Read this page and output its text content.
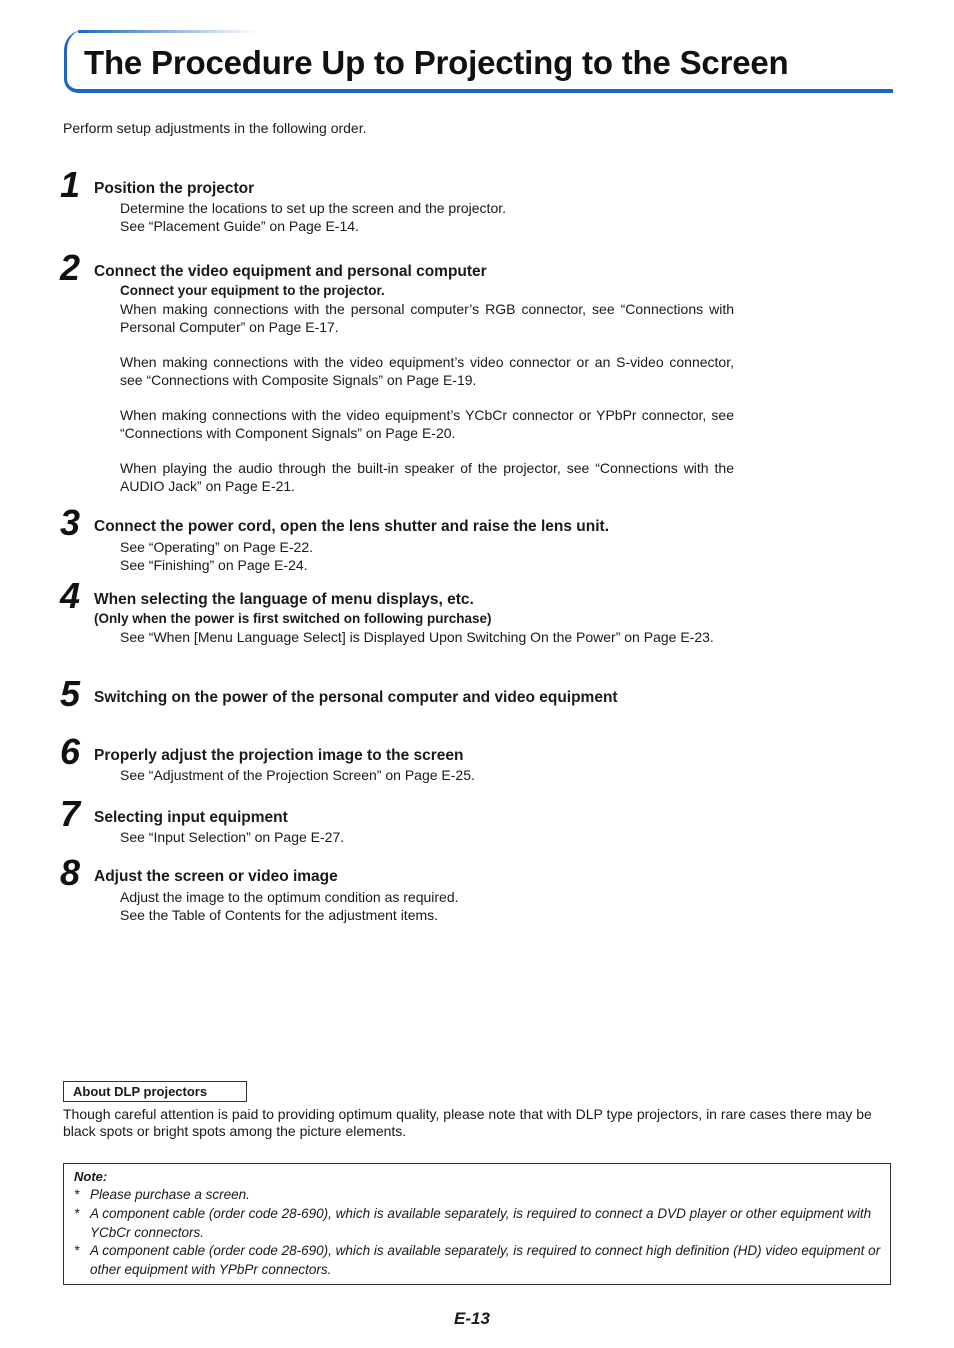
The Procedure Up to Projecting to the Screen

Perform setup adjustments in the following order.

1 Position the projector

Determine the locations to set up the screen and the projector.

See “Placement Guide” on Page E-14.

2 Connect the video equipment and personal computer

Connect your equipment to the projector.

When making connections with the personal computer’s RGB connector, see “Connections with Personal Computer” on Page E-17.

When making connections with the video equipment’s video connector or an S-video connector, see “Connections with Composite Signals” on Page E-19.

When making connections with the video equipment’s YCbCr connector or YPbPr connector, see “Connections with Component Signals” on Page E-20.

When playing the audio through the built-in speaker of the projector, see “Connections with the AUDIO Jack” on Page E-21.

3 Connect the power cord, open the lens shutter and raise the lens unit.

See “Operating” on Page E-22.

See “Finishing” on Page E-24.

4 When selecting the language of menu displays, etc.

(Only when the power is first switched on following purchase)

See “When [Menu Language Select] is Displayed Upon Switching On the Power” on Page E-23.

5 Switching on the power of the personal computer and video equipment
6 Properly adjust the projection image to the screen

See “Adjustment of the Projection Screen” on Page E-25.

7 Selecting input equipment

See “Input Selection” on Page E-27.

8 Adjust the screen or video image

Adjust the image to the optimum condition as required.

See the Table of Contents for the adjustment items.

About DLP projectors

Though careful attention is paid to providing optimum quality, please note that with DLP type projectors, in rare cases there may be black spots or bright spots among the picture elements.

Note:

* Please purchase a screen.

* A component cable (order code 28-690), which is available separately, is required to connect a DVD player or other equipment with YCbCr connectors.

* A component cable (order code 28-690), which is available separately, is required to connect high definition (HD) video equipment or other equipment with YPbPr connectors.

E-13
